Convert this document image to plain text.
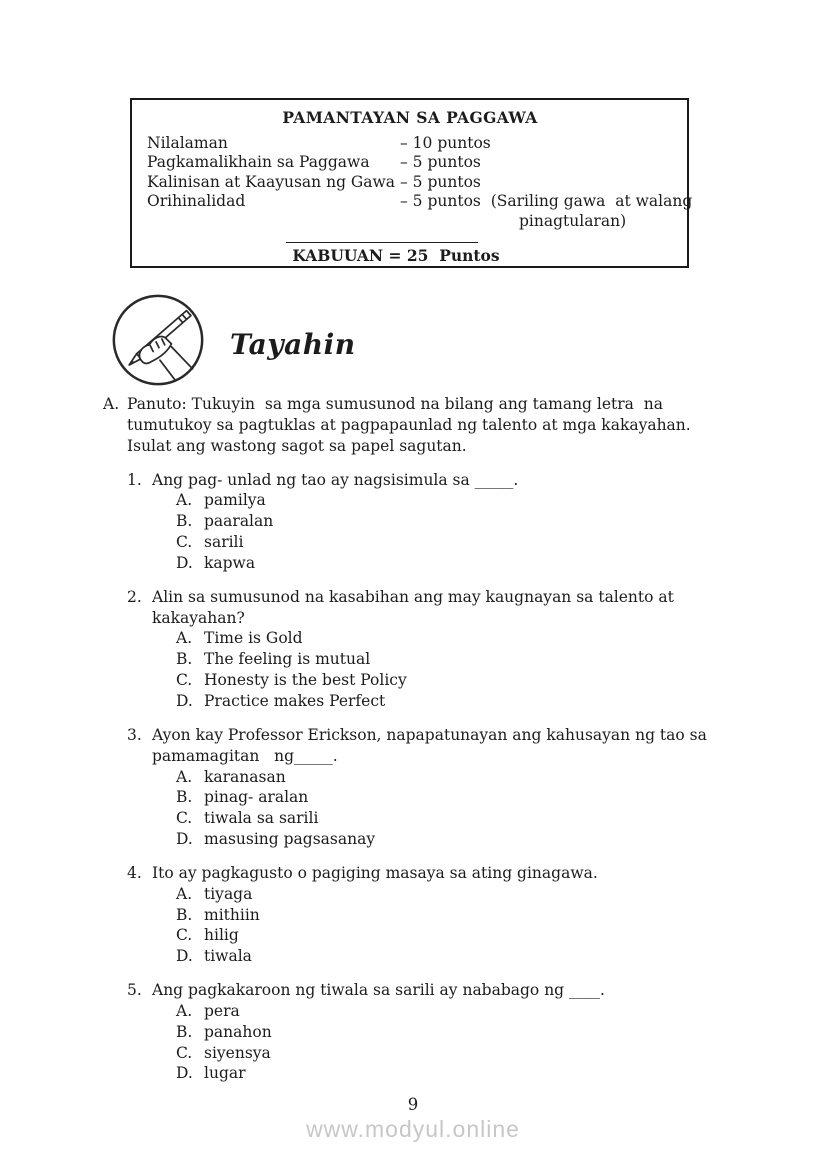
PAMANTAYAN SA PAGGAWA
Nilalaman	– 10 puntos
Pagkamalikhain sa Paggawa	– 5 puntos
Kalinisan at Kaayusan ng Gawa – 5 puntos
Orihinalidad	– 5 puntos  (Sariling gawa  at walang
pinagtularan)
KABUUAN = 25  Puntos
Tayahin
A. Panuto: Tukuyin  sa mga sumusunod na bilang ang tamang letra  na tumutukoy sa pagtuklas at pagpapaunlad ng talento at mga kakayahan. Isulat ang wastong sagot sa papel sagutan.
1. Ang pag- unlad ng tao ay nagsisimula sa _____.
A. pamilya
B. paaralan
C. sarili
D. kapwa
2. Alin sa sumusunod na kasabihan ang may kaugnayan sa talento at kakayahan?
A. Time is Gold
B. The feeling is mutual
C. Honesty is the best Policy
D. Practice makes Perfect
3. Ayon kay Professor Erickson, napapatunayan ang kahusayan ng tao sa pamamagitan   ng_____.
A. karanasan
B. pinag- aralan
C. tiwala sa sarili
D. masusing pagsasanay
4. Ito ay pagkagusto o pagiging masaya sa ating ginagawa.
A. tiyaga
B. mithiin
C. hilig
D. tiwala
5. Ang pagkakaroon ng tiwala sa sarili ay nababago ng ____.
A. pera
B. panahon
C. siyensya
D. lugar
9
www.modyul.online
